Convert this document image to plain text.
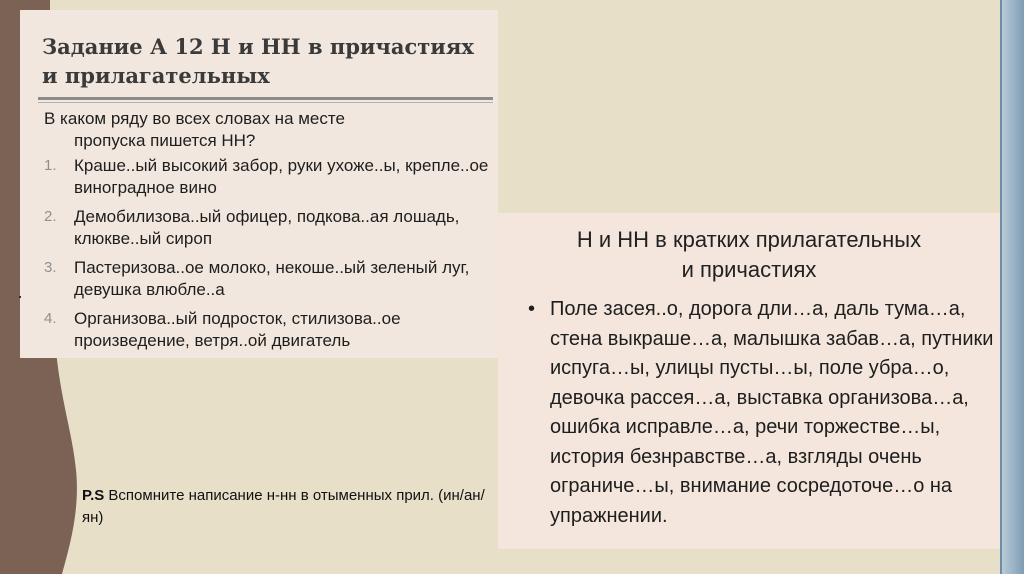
Задание А 12 Н и НН в причастиях и прилагательных
В каком ряду во всех словах на месте
пропуска пишется НН?
1. Краше..ый высокий забор, руки ухоже..ы, крепле..ое виноградное вино
2. Демобилизова..ый офицер, подкова..ая лошадь, клюкве..ый сироп
3. Пастеризова..ое молоко, некоше..ый зеленый луг, девушка влюбле..а
4. Организова..ый подросток, стилизова..ое произведение, ветря..ой двигатель
Н и НН в кратких прилагательных
и причастиях
• Поле засея..о, дорога дли…а, даль тума…а, стена выкраше…а, малышка забав…а, путники испуга…ы, улицы пусты…ы, поле убра…о, девочка рассея…а, выставка организова…а, ошибка исправле…а, речи торжестве…ы, история безнравстве…а, взгляды очень ограниче…ы, внимание сосредоточе…о на упражнении.
P.S Вспомните написание н-нн в отыменных прил. (ин/ан/ян)
